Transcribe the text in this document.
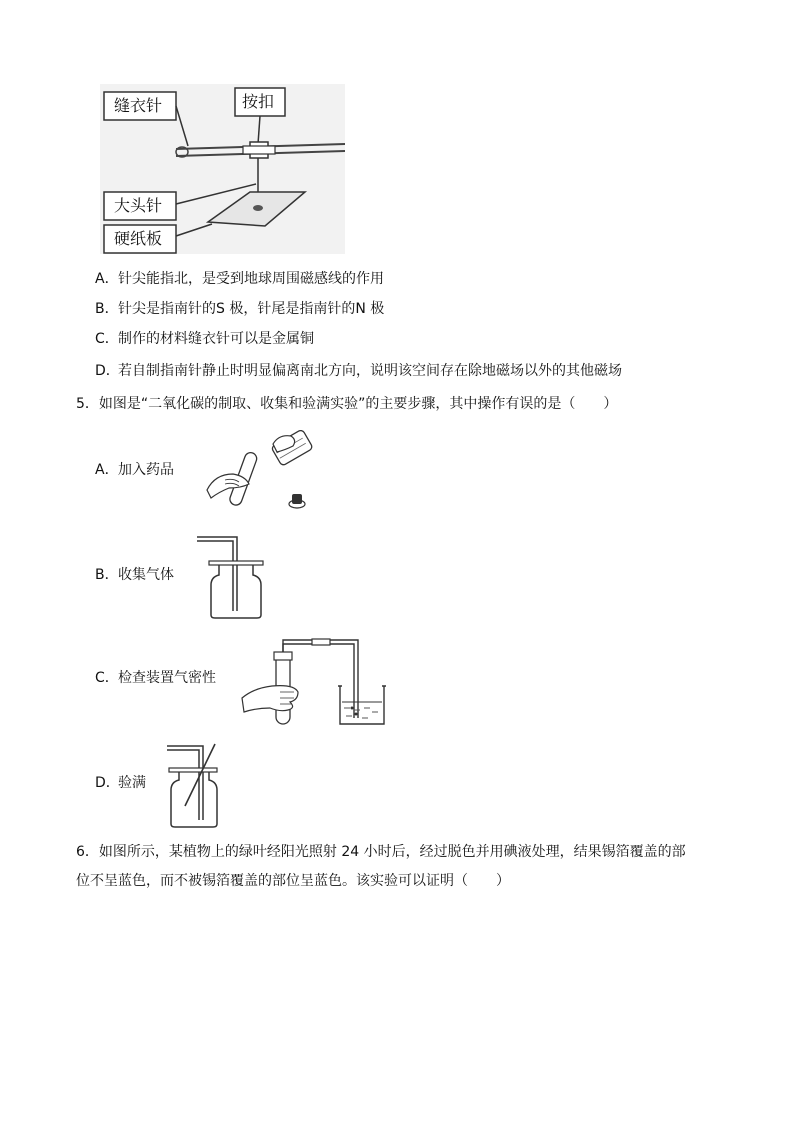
缝衣针	按扣
大头针
硬纸板
A． 针尖能指北，是受到地球周围磁感线的作用
B． 针尖是指南针的S 极，针尾是指南针的N 极
C． 制作的材料缝衣针可以是金属铜
D．
若自制指南针静止时明显偏离南北方向，说明该空间存在除地磁场以外的其他磁场
5．如图是“二氧化碳的制取、收集和验满实验”的主要步骤，其中操作有误的是（　　）
A． 加入药品
B． 收集气体
C． 检查装置气密性
D．
验满
6．如图所示，某植物上的绿叶经阳光照射 24 小时后，经过脱色并用碘液处理，结果锡箔覆盖的部
位不呈蓝色，而不被锡箔覆盖的部位呈蓝色。该实验可以证明（　　）
